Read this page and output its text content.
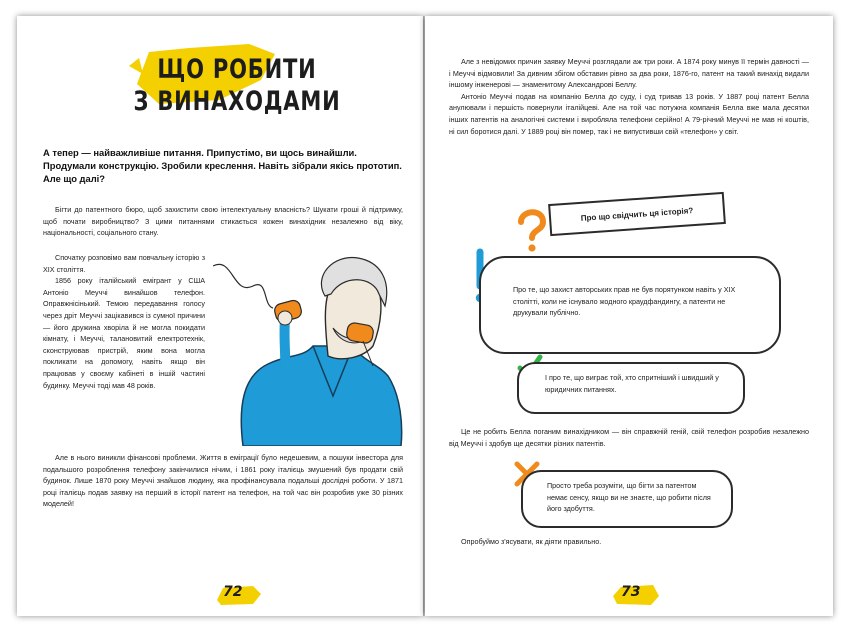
ЩО РОБИТИ
З ВИНАХОДАМИ
А тепер — найважливіше питання. Припустімо, ви щось винайшли. Продумали конструкцію. Зробили креслення. Навіть зібрали якісь прототип. Але що далі?

Бігти до патентного бюро, щоб захистити свою інтелектуальну власність? Шукати гроші й підтримку, щоб почати виробництво? З цими питаннями стикається кожен винахідник незалежно від віку, національності, соціального стану.

Спочатку розповімо вам повчальну історію з XIX століття.

1856 року італійський емігрант у США Антоніо Меуччі винайшов телефон. Оправжнісінький. Темою передавання голосу через дріт Меуччі зацікавився із сумної причини — його дружина хворіла й не могла покидати кімнату, і Меуччі, талановитий електротехнік, сконструював пристрій, яким вона могла покликати на допомогу, навіть якщо він працював у своєму кабінеті в іншій частині будинку. Меуччі тоді мав 48 років.

Але в нього виникли фінансові проблеми. Життя в еміграції було недешевим, а пошуки інвестора для подальшого розроблення телефону закінчилися нічим, і 1861 року італієць змушений був продати свій будинок. Лише 1870 року Меуччі знайшов людину, яка профінансувала подальші дослідні роботи. У 1871 році італієць подав заявку на перший в історії патент на телефон, на той час він розробив уже 30 різних моделей!

72

Але з невідомих причин заявку Меуччі розглядали аж три роки. А 1874 року минув її термін давності — і Меуччі відмовили! За дивним збігом обставин рівно за два роки, 1876-го, патент на такий винахід видали іншому інженерові — знаменитому Александрові Беллу.

Антоніо Меуччі подав на компанію Белла до суду, і суд тривав 13 років. У 1887 році патент Белла анулювали і першість повернули італійцеві. Але на той час потужна компанія Белла вже мала десятки інших патентів на аналогічні системи і виробляла телефони серійно! А 79-річний Меуччі не мав ні коштів, ні сил боротися далі. У 1889 році він помер, так і не випустивши свій «телефон» у світ.

Про що свідчить ця історія?
Про те, що захист авторських прав не був порятунком навіть у XIX столітті, коли не існувало жодного краудфандингу, а патенти не друкували публічно.
І про те, що виграє той, хто спритніший і швидший у юридичних питаннях.

Це не робить Белла поганим винахідником — він справжній геній, свій телефон розробив незалежно від Меуччі і здобув ще десятки різних патентів.

Просто треба розуміти, що бігти за патентом немає сенсу, якщо ви не знаєте, що робити після його здобуття.

Опробуймо з'ясувати, як діяти правильно.

73
